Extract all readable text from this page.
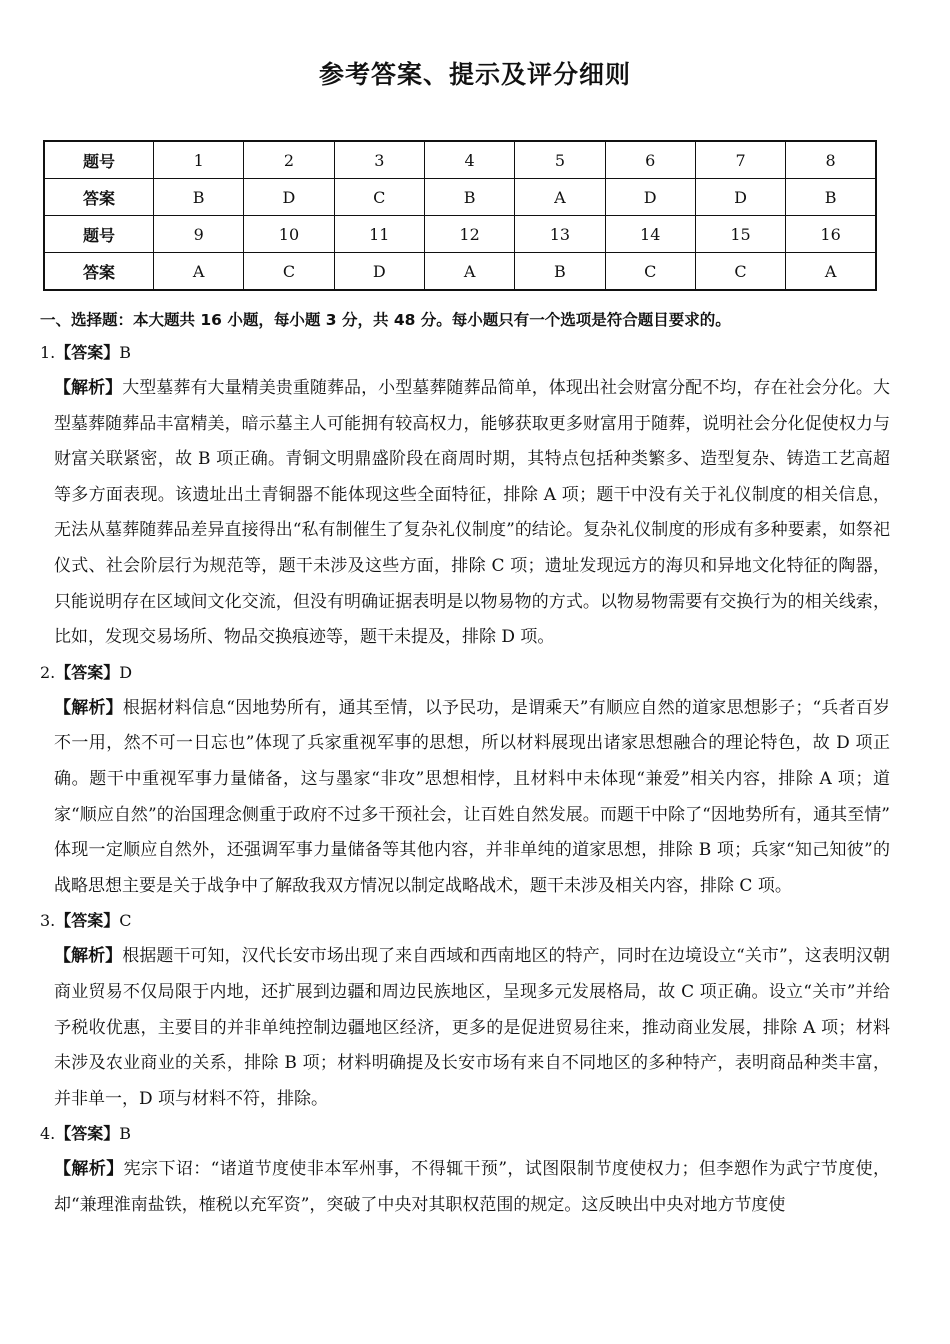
参考答案、提示及评分细则
题号	1	2	3	4	5	6	7	8
答案	B	D	C	B	A	D	D	B
题号	9	10	11	12	13	14	15	16
答案	A	C	D	A	B	C	C	A
一、选择题：本大题共 16 小题，每小题 3 分，共 48 分。每小题只有一个选项是符合题目要求的。
1.【答案】B
【解析】大型墓葬有大量精美贵重随葬品，小型墓葬随葬品简单，体现出社会财富分配不均，存在社会分化。大型墓葬随葬品丰富精美，暗示墓主人可能拥有较高权力，能够获取更多财富用于随葬，说明社会分化促使权力与财富关联紧密，故 B 项正确。青铜文明鼎盛阶段在商周时期，其特点包括种类繁多、造型复杂、铸造工艺高超等多方面表现。该遗址出土青铜器不能体现这些全面特征，排除 A 项；题干中没有关于礼仪制度的相关信息，无法从墓葬随葬品差异直接得出“私有制催生了复杂礼仪制度”的结论。复杂礼仪制度的形成有多种要素，如祭祀仪式、社会阶层行为规范等，题干未涉及这些方面，排除 C 项；遗址发现远方的海贝和异地文化特征的陶器，只能说明存在区域间文化交流，但没有明确证据表明是以物易物的方式。以物易物需要有交换行为的相关线索，比如，发现交易场所、物品交换痕迹等，题干未提及，排除 D 项。
2.【答案】D
【解析】根据材料信息“因地势所有，通其至情，以予民功，是谓乘天”有顺应自然的道家思想影子；“兵者百岁不一用，然不可一日忘也”体现了兵家重视军事的思想，所以材料展现出诸家思想融合的理论特色，故 D 项正确。题干中重视军事力量储备，这与墨家“非攻”思想相悖，且材料中未体现“兼爱”相关内容，排除 A 项；道家“顺应自然”的治国理念侧重于政府不过多干预社会，让百姓自然发展。而题干中除了“因地势所有，通其至情” 体现一定顺应自然外，还强调军事力量储备等其他内容，并非单纯的道家思想，排除 B 项；兵家“知己知彼”的战略思想主要是关于战争中了解敌我双方情况以制定战略战术，题干未涉及相关内容，排除 C 项。
3.【答案】C
【解析】根据题干可知，汉代长安市场出现了来自西域和西南地区的特产，同时在边境设立“关市”，这表明汉朝商业贸易不仅局限于内地，还扩展到边疆和周边民族地区，呈现多元发展格局，故 C 项正确。设立“关市”并给予税收优惠，主要目的并非单纯控制边疆地区经济，更多的是促进贸易往来，推动商业发展，排除 A 项；材料未涉及农业商业的关系，排除 B 项；材料明确提及长安市场有来自不同地区的多种特产，表明商品种类丰富，并非单一，D 项与材料不符，排除。
4.【答案】B
【解析】宪宗下诏：“诸道节度使非本军州事，不得辄干预”，试图限制节度使权力；但李愬作为武宁节度使，却“兼理淮南盐铁，榷税以充军资”，突破了中央对其职权范围的规定。这反映出中央对地方节度使
